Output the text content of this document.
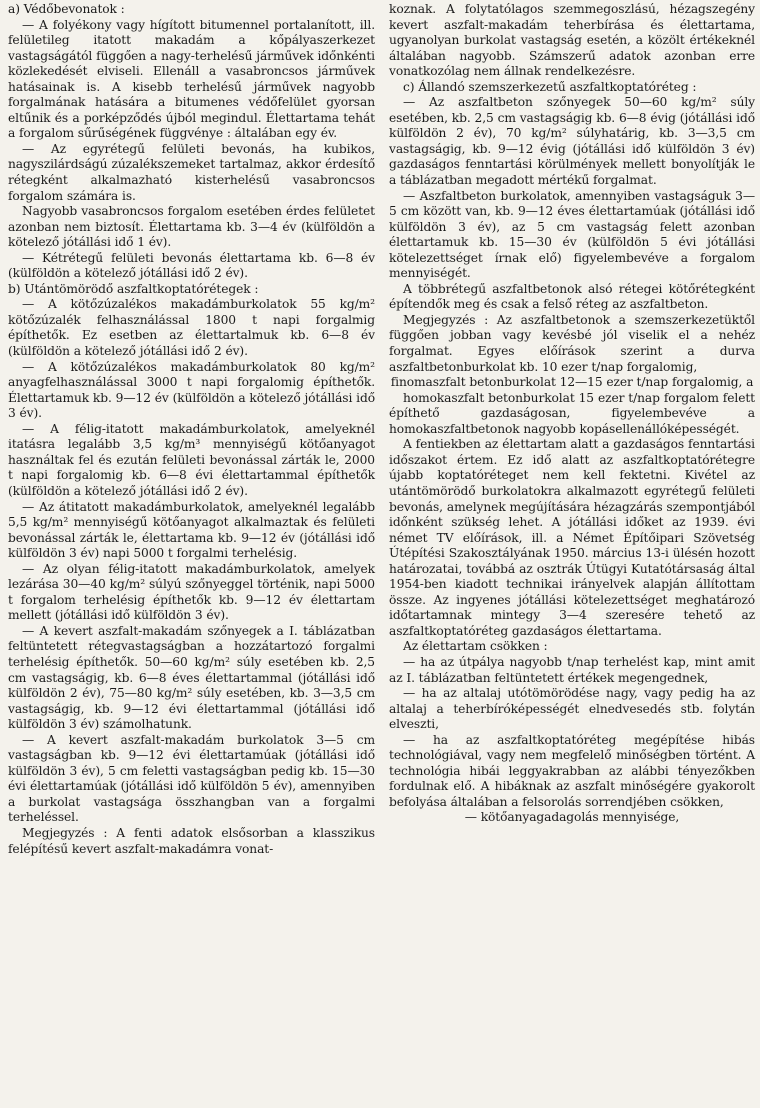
a) Védőbevonatok :

— A folyékony vagy hígított bitumennel portalanított, ill. felületileg itatott makadám a kőpályaszerkezet vastagságától függően a nagy-terhelésű járművek időnkénti közlekedését elviseli. Ellenáll a vasabroncsos járművek hatásainak is. A kisebb terhelésű járművek nagyobb forgalmának hatására a bitumenes védőfelület gyorsan eltűnik és a porképződés újból megindul. Élettartama tehát a forgalom sűrűségének függvénye : általában egy év.

— Az egyrétegű felületi bevonás, ha kubikos, nagyszilárdságú zúzalékszemeket tartalmaz, akkor érdesítő rétegként alkalmazható kisterhelésű vasabroncsos forgalom számára is.

Nagyobb vasabroncsos forgalom esetében érdes felületet azonban nem biztosít. Élettartama kb. 3—4 év (külföldön a kötelező jótállási idő 1 év).

— Kétrétegű felületi bevonás élettartama kb. 6—8 év (külföldön a kötelező jótállási idő 2 év).

b) Utántömörödő aszfaltkoptatórétegek :

— A kötőzúzalékos makadámburkolatok 55 kg/m² kötőzúzalék felhasználással 1800 t napi forgalmig építhetők. Ez esetben az élettartalmuk kb. 6—8 év (külföldön a kötelező jótállási idő 2 év).

— A kötőzúzalékos makadámburkolatok 80 kg/m² anyagfelhasználással 3000 t napi forgalomig építhetők. Élettartamuk kb. 9—12 év (külföldön a kötelező jótállási idő 3 év).

— A félig-itatott makadámburkolatok, amelyeknél itatásra legalább 3,5 kg/m³ mennyiségű kötőanyagot használtak fel és ezután felületi bevonással zárták le, 2000 t napi forgalomig kb. 6—8 évi élettartammal építhetők (külföldön a kötelező jótállási idő 2 év).

— Az átitatott makadámburkolatok, amelyeknél legalább 5,5 kg/m² mennyiségű kötőanyagot alkalmaztak és felületi bevonással zárták le, élettartama kb. 9—12 év (jótállási idő külföldön 3 év) napi 5000 t forgalmi terhelésig.

— Az olyan félig-itatott makadámburkolatok, amelyek lezárása 30—40 kg/m² súlyú szőnyeggel történik, napi 5000 t forgalom terhelésig építhetők kb. 9—12 év élettartam mellett (jótállási idő külföldön 3 év).

— A kevert aszfalt-makadám szőnyegek a I. táblázatban feltüntetett rétegvastagságban a hozzátartozó forgalmi terhelésig építhetők. 50—60 kg/m² súly esetében kb. 2,5 cm vastagságig, kb. 6—8 éves élettartammal (jótállási idő külföldön 2 év), 75—80 kg/m² súly esetében, kb. 3—3,5 cm vastagságig, kb. 9—12 évi élettartammal (jótállási idő külföldön 3 év) számolhatunk.

— A kevert aszfalt-makadám burkolatok 3—5 cm vastagságban kb. 9—12 évi élettartamúak (jótállási idő külföldön 3 év), 5 cm feletti vastagságban pedig kb. 15—30 évi élettartamúak (jótállási idő külföldön 5 év), amennyiben a burkolat vastagsága összhangban van a forgalmi terheléssel.

Megjegyzés : A fenti adatok elsősorban a klasszikus felépítésű kevert aszfalt-makadámra vonat-

koznak. A folytatólagos szemmegoszlású, hézagszegény kevert aszfalt-makadám teherbírása és élettartama, ugyanolyan burkolat vastagság esetén, a közölt értékeknél általában nagyobb. Számszerű adatok azonban erre vonatkozólag nem állnak rendelkezésre.

c) Állandó szemszerkezetű aszfaltkoptatóréteg :

— Az aszfaltbeton szőnyegek 50—60 kg/m² súly esetében, kb. 2,5 cm vastagságig kb. 6—8 évig (jótállási idő külföldön 2 év), 70 kg/m² súlyhatárig, kb. 3—3,5 cm vastagságig, kb. 9—12 évig (jótállási idő külföldön 3 év) gazdaságos fenntartási körülmények mellett bonyolítják le a táblázatban megadott mértékű forgalmat.

— Aszfaltbeton burkolatok, amennyiben vastagságuk 3—5 cm között van, kb. 9—12 éves élettartamúak (jótállási idő külföldön 3 év), az 5 cm vastagság felett azonban élettartamuk kb. 15—30 év (külföldön 5 évi jótállási kötelezettséget írnak elő) figyelembevéve a forgalom mennyiségét.

A többrétegű aszfaltbetonok alsó rétegei kötőrétegként építendők meg és csak a felső réteg az aszfaltbeton.

Megjegyzés : Az aszfaltbetonok a szemszerkezetüktől függően jobban vagy kevésbé jól viselik el a nehéz forgalmat. Egyes előírások szerint a durva aszfaltbetonburkolat kb. 10 ezer t/nap forgalomig,

finomaszfalt betonburkolat 12—15 ezer t/nap forgalomig, a

homokaszfalt betonburkolat 15 ezer t/nap forgalom felett építhető gazdaságosan, figyelembevéve a homokaszfaltbetonok nagyobb kopásellenállóképességét.

A fentiekben az élettartam alatt a gazdaságos fenntartási időszakot értem. Ez idő alatt az aszfaltkoptatórétegre újabb koptatóréteget nem kell fektetni. Kivétel az utántömörödő burkolatokra alkalmazott egyrétegű felületi bevonás, amelynek megújítására hézagzárás szempontjából időnként szükség lehet. A jótállási időket az 1939. évi német TV előírások, ill. a Német Építőipari Szövetség Útépítési Szakosztályának 1950. március 13-i ülésén hozott határozatai, továbbá az osztrák Útügyi Kutatótársaság által 1954-ben kiadott technikai irányelvek alapján állítottam össze. Az ingyenes jótállási kötelezettséget meghatározó időtartamnak mintegy 3—4 szeresére tehető az aszfaltkoptatóréteg gazdaságos élettartama.

Az élettartam csökken :

— ha az útpálya nagyobb t/nap terhelést kap, mint amit az I. táblázatban feltüntetett értékek megengednek,

— ha az altalaj utótömörödése nagy, vagy pedig ha az altalaj a teherbíróképességét elnedvesedés stb. folytán elveszti,

— ha az aszfaltkoptatóréteg megépítése hibás technológiával, vagy nem megfelelő minőségben történt. A technológia hibái leggyakrabban az alábbi tényezőkben fordulnak elő. A hibáknak az aszfalt minőségére gyakorolt befolyása általában a felsorolás sorrendjében csökken,

— kötőanyagadagolás mennyisége,
